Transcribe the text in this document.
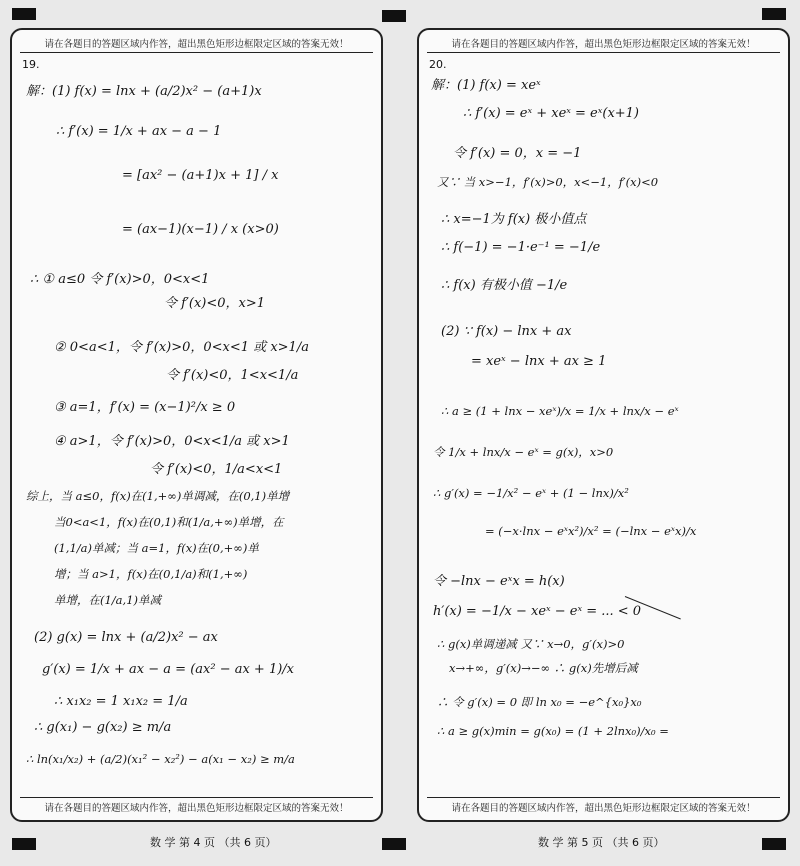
请在各题目的答题区域内作答，超出黑色矩形边框限定区域的答案无效！
19.
解：(1) f(x) = lnx + (a/2)x² − (a+1)x
∴ f′(x) = 1/x + ax − a − 1
= [ax² − (a+1)x + 1] / x
= (ax−1)(x−1) / x (x>0)
∴ ① a≤0 令 f′(x)>0，0<x<1
令 f′(x)<0，x>1
② 0<a<1，令 f′(x)>0，0<x<1 或 x>1/a
令 f′(x)<0，1<x<1/a
③ a=1，f′(x) = (x−1)²/x ≥ 0
④ a>1，令 f′(x)>0，0<x<1/a 或 x>1
令 f′(x)<0，1/a<x<1
综上，当 a≤0，f(x)在(1,+∞)单调减，在(0,1)单增
当0<a<1，f(x)在(0,1)和(1/a,+∞)单增，在
(1,1/a)单减；当 a=1，f(x)在(0,+∞)单
增；当 a>1，f(x)在(0,1/a)和(1,+∞)
单增，在(1/a,1)单减
(2) g(x) = lnx + (a/2)x² − ax
g′(x) = 1/x + ax − a = (ax² − ax + 1)/x
∴ x₁x₂ = 1 x₁x₂ = 1/a
∴ g(x₁) − g(x₂) ≥ m/a
∴ ln(x₁/x₂) + (a/2)(x₁² − x₂²) − a(x₁ − x₂) ≥ m/a
请在各题目的答题区域内作答，超出黑色矩形边框限定区域的答案无效！
请在各题目的答题区域内作答，超出黑色矩形边框限定区域的答案无效！
20.
解：(1) f(x) = xeˣ
∴ f′(x) = eˣ + xeˣ = eˣ(x+1)
令 f′(x) = 0，x = −1
又∵ 当 x>−1，f′(x)>0，x<−1，f′(x)<0
∴ x=−1为 f(x) 极小值点
∴ f(−1) = −1·e⁻¹ = −1/e
∴ f(x) 有极小值 −1/e
(2) ∵ f(x) − lnx + ax
= xeˣ − lnx + ax ≥ 1
∴ a ≥ (1 + lnx − xeˣ)/x = 1/x + lnx/x − eˣ
令 1/x + lnx/x − eˣ = g(x)，x>0
∴ g′(x) = −1/x² − eˣ + (1 − lnx)/x²
= (−x·lnx − eˣx²)/x² = (−lnx − eˣx)/x
令 −lnx − eˣx = h(x)
h′(x) = −1/x − xeˣ − eˣ = ... < 0
∴ g(x)单调递减 又∵ x→0，g′(x)>0
x→+∞，g′(x)→−∞ ∴ g(x)先增后减
∴ 令 g′(x) = 0 即 ln x₀ = −e^{x₀}x₀
∴ a ≥ g(x)min = g(x₀) = (1 + 2lnx₀)/x₀ =
请在各题目的答题区域内作答，超出黑色矩形边框限定区域的答案无效！
数 学 第 4 页 （共 6 页）	数 学 第 5 页 （共 6 页）
